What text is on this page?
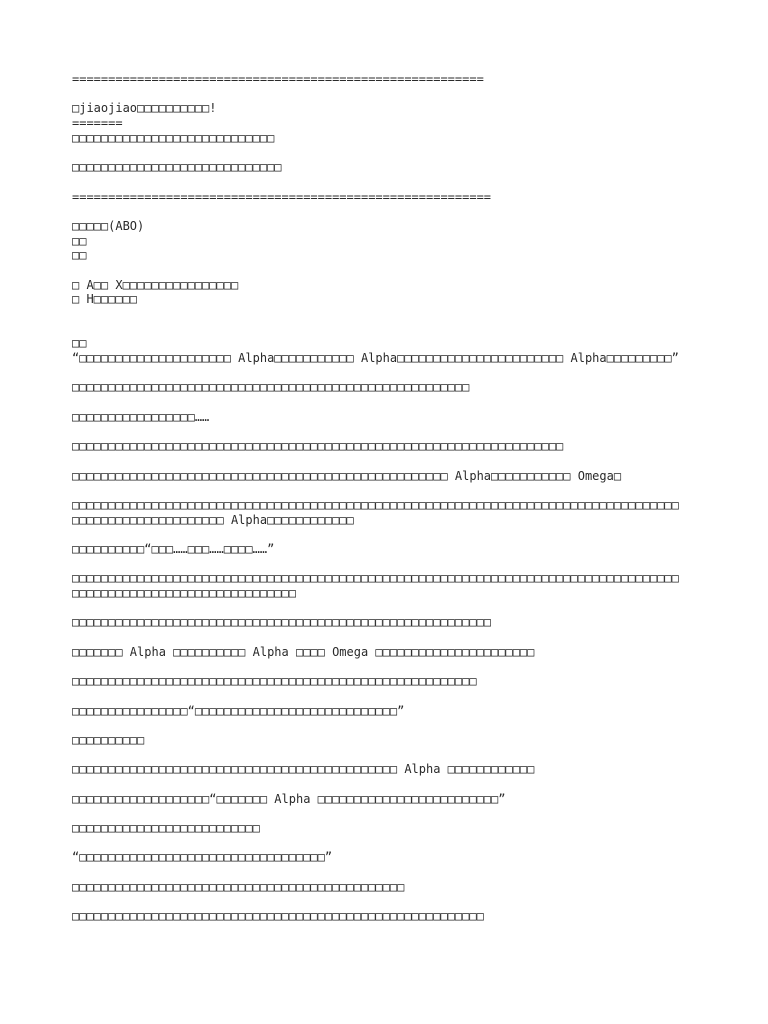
=========================================================
□jiaojiao□□□□□□□□□□!
=======
□□□□□□□□□□□□□□□□□□□□□□□□□□□□
□□□□□□□□□□□□□□□□□□□□□□□□□□□□□
==========================================================
□□□□□(ABO)
□□
□□
□ A□□ X□□□□□□□□□□□□□□□□
□ H□□□□□□
□□
“□□□□□□□□□□□□□□□□□□□□□ Alpha□□□□□□□□□□□ Alpha□□□□□□□□□□□□□□□□□□□□□□□ Alpha□□□□□□□□□”
□□□□□□□□□□□□□□□□□□□□□□□□□□□□□□□□□□□□□□□□□□□□□□□□□□□□□□□
□□□□□□□□□□□□□□□□□……
□□□□□□□□□□□□□□□□□□□□□□□□□□□□□□□□□□□□□□□□□□□□□□□□□□□□□□□□□□□□□□□□□□□□
□□□□□□□□□□□□□□□□□□□□□□□□□□□□□□□□□□□□□□□□□□□□□□□□□□□□ Alpha□□□□□□□□□□□ Omega□
□□□□□□□□□□□□□□□□□□□□□□□□□□□□□□□□□□□□□□□□□□□□□□□□□□□□□□□□□□□□□□□□□□□□□□□□□□□□□□□□□□□□
□□□□□□□□□□□□□□□□□□□□□ Alpha□□□□□□□□□□□□
□□□□□□□□□□“□□□……□□□……□□□□……”
□□□□□□□□□□□□□□□□□□□□□□□□□□□□□□□□□□□□□□□□□□□□□□□□□□□□□□□□□□□□□□□□□□□□□□□□□□□□□□□□□□□□
□□□□□□□□□□□□□□□□□□□□□□□□□□□□□□□
□□□□□□□□□□□□□□□□□□□□□□□□□□□□□□□□□□□□□□□□□□□□□□□□□□□□□□□□□□
□□□□□□□ Alpha □□□□□□□□□□ Alpha □□□□ Omega □□□□□□□□□□□□□□□□□□□□□□
□□□□□□□□□□□□□□□□□□□□□□□□□□□□□□□□□□□□□□□□□□□□□□□□□□□□□□□□
□□□□□□□□□□□□□□□□“□□□□□□□□□□□□□□□□□□□□□□□□□□□□”
□□□□□□□□□□
□□□□□□□□□□□□□□□□□□□□□□□□□□□□□□□□□□□□□□□□□□□□□ Alpha □□□□□□□□□□□□
□□□□□□□□□□□□□□□□□□□“□□□□□□□ Alpha □□□□□□□□□□□□□□□□□□□□□□□□□”
□□□□□□□□□□□□□□□□□□□□□□□□□□
“□□□□□□□□□□□□□□□□□□□□□□□□□□□□□□□□□□”
□□□□□□□□□□□□□□□□□□□□□□□□□□□□□□□□□□□□□□□□□□□□□□
□□□□□□□□□□□□□□□□□□□□□□□□□□□□□□□□□□□□□□□□□□□□□□□□□□□□□□□□□
